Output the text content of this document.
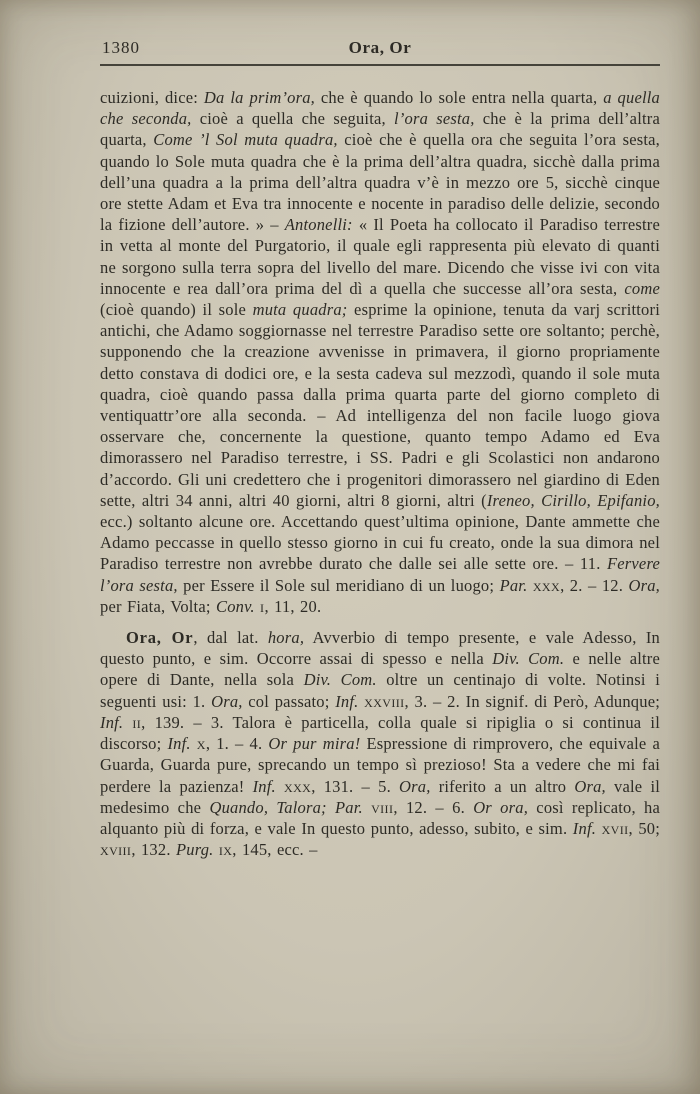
1380	Ora, Or

cuizioni, dice: Da la prim’ora, che è quando lo sole entra nella quarta, a quella che seconda, cioè a quella che seguita, l’ora sesta, che è la prima dell’altra quarta, Come ’l Sol muta quadra, cioè che è quella ora che seguita l’ora sesta, quando lo Sole muta quadra che è la prima dell’altra quadra, sicchè dalla prima dell’una quadra a la prima dell’altra quadra v’è in mezzo ore 5, sicchè cinque ore stette Adam et Eva tra innocente e nocente in paradiso delle delizie, secondo la fizione dell’autore. » – Antonelli: « Il Poeta ha collocato il Paradiso terrestre in vetta al monte del Purgatorio, il quale egli rappresenta più elevato di quanti ne sorgono sulla terra sopra del livello del mare. Dicendo che visse ivi con vita innocente e rea dall’ora prima del dì a quella che successe all’ora sesta, come (cioè quando) il sole muta quadra; esprime la opinione, tenuta da varj scrittori antichi, che Adamo soggiornasse nel terrestre Paradiso sette ore soltanto; perchè, supponendo che la creazione avvenisse in primavera, il giorno propriamente detto constava di dodici ore, e la sesta cadeva sul mezzodì, quando il sole muta quadra, cioè quando passa dalla prima quarta parte del giorno completo di ventiquattr’ore alla seconda. – Ad intelligenza del non facile luogo giova osservare che, concernente la questione, quanto tempo Adamo ed Eva dimorassero nel Paradiso terrestre, i SS. Padri e gli Scolastici non andarono d’accordo. Gli uni credettero che i progenitori dimorassero nel giardino di Eden sette, altri 34 anni, altri 40 giorni, altri 8 giorni, altri (Ireneo, Cirillo, Epifanio, ecc.) soltanto alcune ore. Accettando quest’ultima opinione, Dante ammette che Adamo peccasse in quello stesso giorno in cui fu creato, onde la sua dimora nel Paradiso terrestre non avrebbe durato che dalle sei alle sette ore. – 11. Fervere l’ora sesta, per Essere il Sole sul meridiano di un luogo; Par. xxx, 2. – 12. Ora, per Fiata, Volta; Conv. i, 11, 20.

Ora, Or, dal lat. hora, Avverbio di tempo presente, e vale Adesso, In questo punto, e sim. Occorre assai di spesso e nella Div. Com. e nelle altre opere di Dante, nella sola Div. Com. oltre un centinajo di volte. Notinsi i seguenti usi: 1. Ora, col passato; Inf. xxviii, 3. – 2. In signif. di Però, Adunque; Inf. ii, 139. – 3. Talora è particella, colla quale si ripiglia o si continua il discorso; Inf. x, 1. – 4. Or pur mira! Espressione di rimprovero, che equivale a Guarda, Guarda pure, sprecando un tempo sì prezioso! Sta a vedere che mi fai perdere la pazienza! Inf. xxx, 131. – 5. Ora, riferito a un altro Ora, vale il medesimo che Quando, Talora; Par. viii, 12. – 6. Or ora, così replicato, ha alquanto più di forza, e vale In questo punto, adesso, subito, e sim. Inf. xvii, 50; xviii, 132. Purg. ix, 145, ecc. –
